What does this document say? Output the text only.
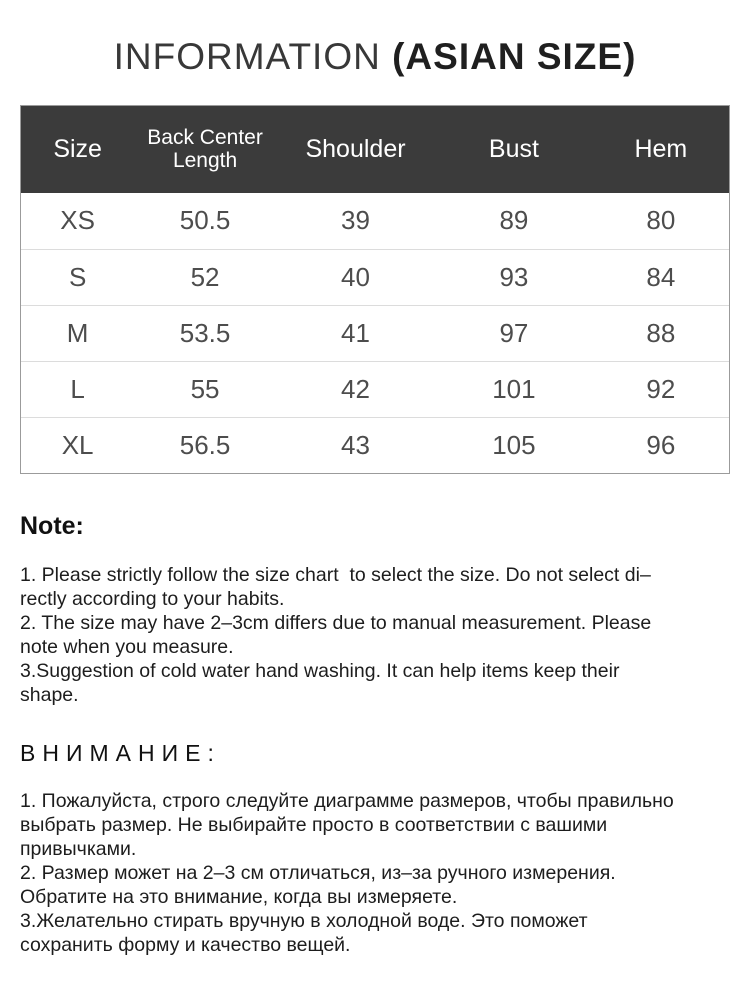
INFORMATION (ASIAN SIZE)
Size	Back Center Length	Shoulder	Bust	Hem
XS	50.5	39	89	80
S	52	40	93	84
M	53.5	41	97	88
L	55	42	101	92
XL	56.5	43	105	96
Note:
1. Please strictly follow the size chart  to select the size. Do not select di–
rectly according to your habits.
2. The size may have 2–3cm differs due to manual measurement. Please
note when you measure.
3.Suggestion of cold water hand washing. It can help items keep their
shape.
ВНИМАНИЕ:
1. Пожалуйста, строго следуйте диаграмме размеров, чтобы правильно
выбрать размер. Не выбирайте просто в соответствии с вашими
привычками.
2. Размер может на 2–3 см отличаться, из–за ручного измерения.
Обратите на это внимание, когда вы измеряете.
3.Желательно стирать вручную в холодной воде. Это поможет
сохранить форму и качество вещей.
